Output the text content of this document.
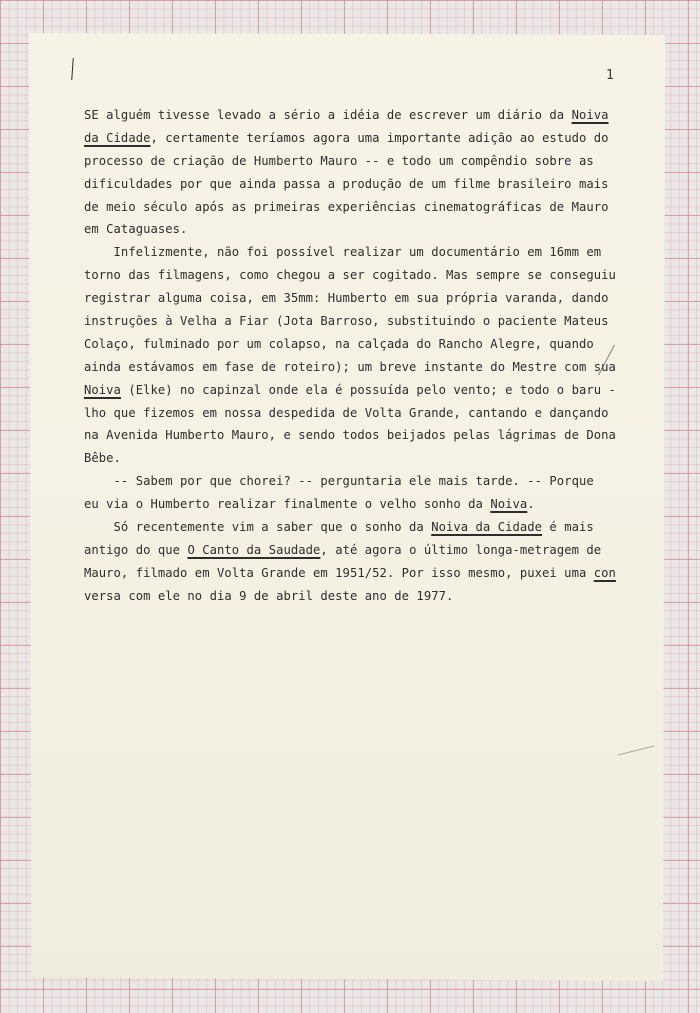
1
SE alguém tivesse levado a sério a idéia de escrever um diário da Noiva
da Cidade, certamente teríamos agora uma importante adição ao estudo do
processo de criação de Humberto Mauro -- e todo um compêndio sobre as
dificuldades por que ainda passa a produção de um filme brasileiro mais
de meio século após as primeiras experiências cinematográficas de Mauro
em Cataguases.
Infelizmente, não foi possível realizar um documentário em 16mm em
torno das filmagens, como chegou a ser cogitado. Mas sempre se conseguiu
registrar alguma coisa, em 35mm: Humberto em sua própria varanda, dando
instruções à Velha a Fiar (Jota Barroso, substituindo o paciente Mateus
Colaço, fulminado por um colapso, na calçada do Rancho Alegre, quando
ainda estávamos em fase de roteiro); um breve instante do Mestre com sua
Noiva (Elke) no capinzal onde ela é possuída pelo vento; e todo o baru -
lho que fizemos em nossa despedida de Volta Grande, cantando e dançando
na Avenida Humberto Mauro, e sendo todos beijados pelas lágrimas de Dona
Bêbe.
-- Sabem por que chorei? -- perguntaria ele mais tarde. -- Porque
eu via o Humberto realizar finalmente o velho sonho da Noiva.
Só recentemente vim a saber que o sonho da Noiva da Cidade é mais
antigo do que O Canto da Saudade, até agora o último longa-metragem de
Mauro, filmado em Volta Grande em 1951/52. Por isso mesmo, puxei uma con
versa com ele no dia 9 de abril deste ano de 1977.
